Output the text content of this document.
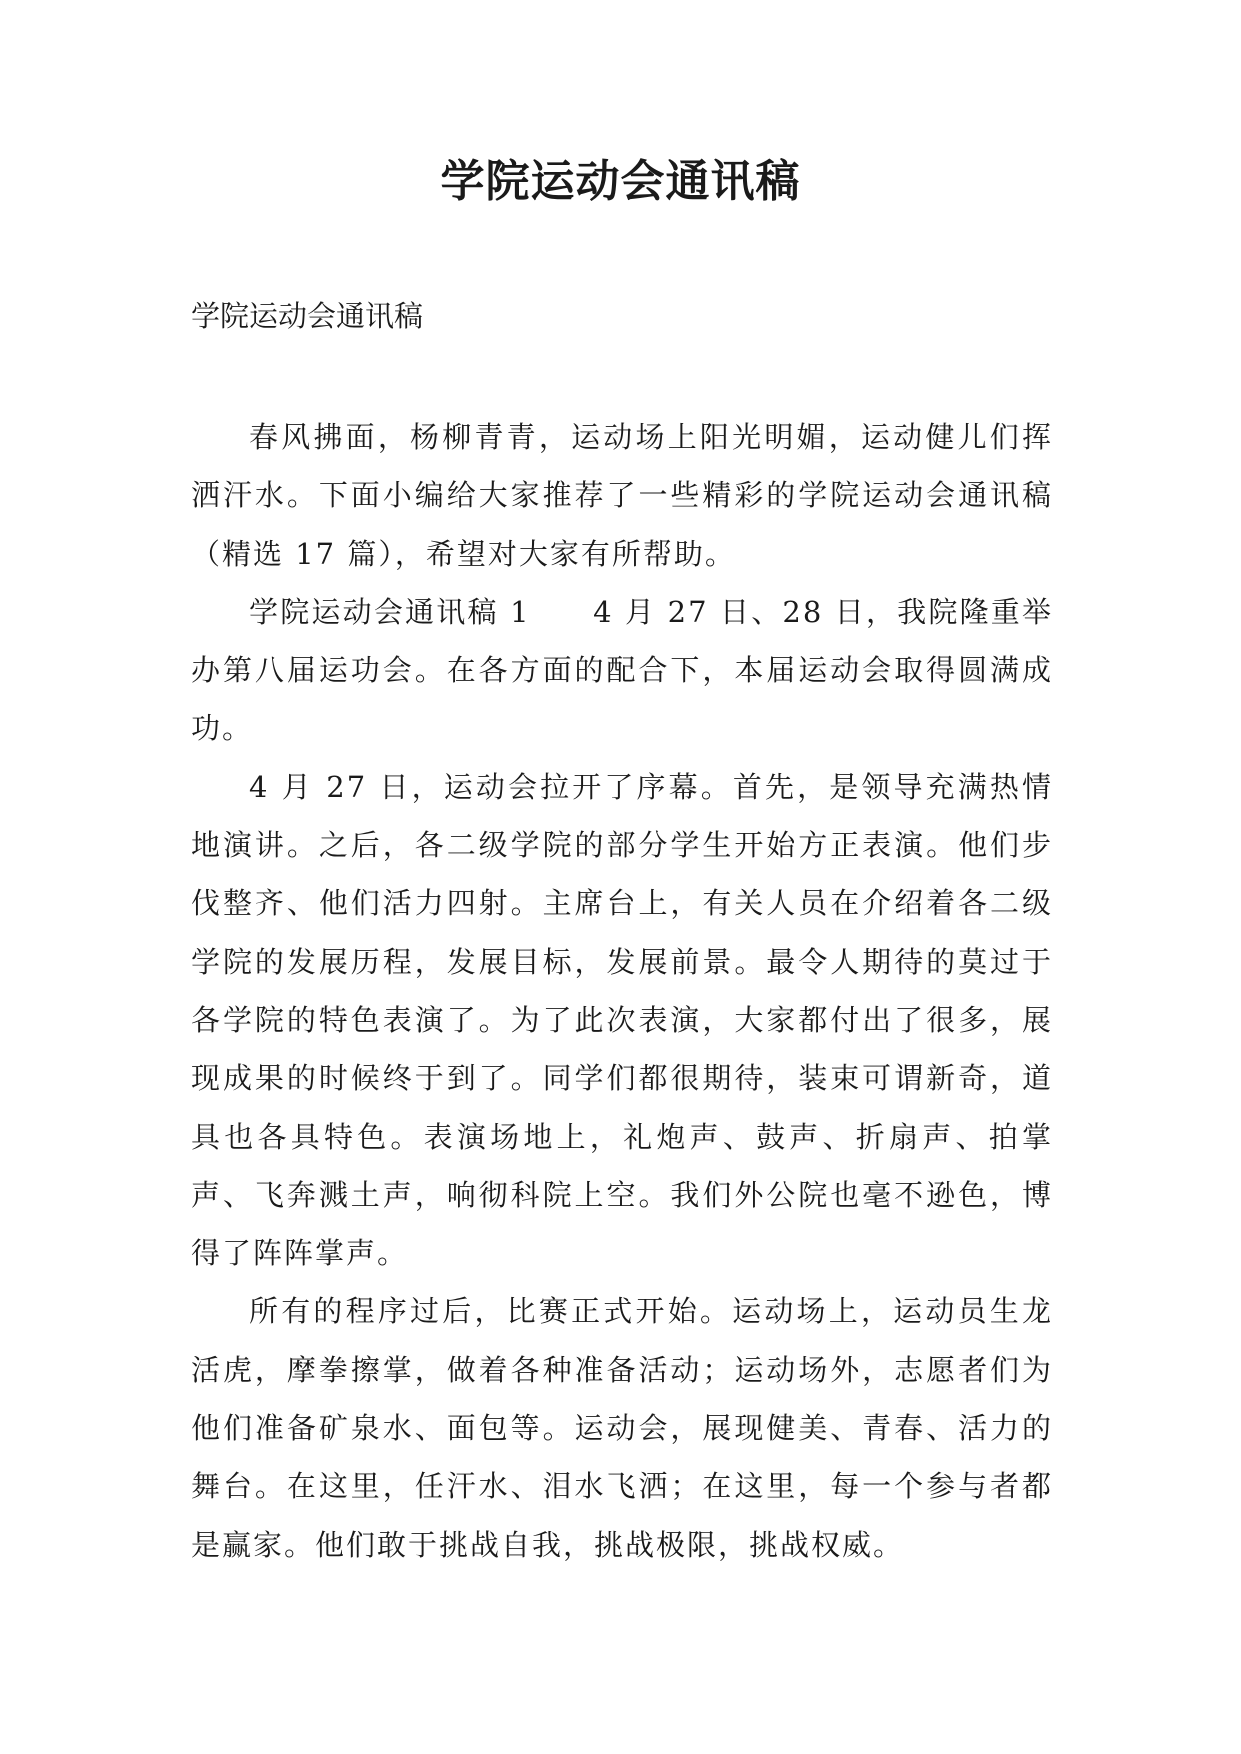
学院运动会通讯稿

学院运动会通讯稿

春风拂面，杨柳青青，运动场上阳光明媚，运动健儿们挥洒汗水。下面小编给大家推荐了一些精彩的学院运动会通讯稿（精选 17 篇），希望对大家有所帮助。

学院运动会通讯稿 1　　4 月 27 日、28 日，我院隆重举办第八届运功会。在各方面的配合下，本届运动会取得圆满成功。

4 月 27 日，运动会拉开了序幕。首先，是领导充满热情地演讲。之后，各二级学院的部分学生开始方正表演。他们步伐整齐、他们活力四射。主席台上，有关人员在介绍着各二级学院的发展历程，发展目标，发展前景。最令人期待的莫过于各学院的特色表演了。为了此次表演，大家都付出了很多，展现成果的时候终于到了。同学们都很期待，装束可谓新奇，道具也各具特色。表演场地上，礼炮声、鼓声、折扇声、拍掌声、飞奔溅土声，响彻科院上空。我们外公院也毫不逊色，博得了阵阵掌声。

所有的程序过后，比赛正式开始。运动场上，运动员生龙活虎，摩拳擦掌，做着各种准备活动；运动场外，志愿者们为他们准备矿泉水、面包等。运动会，展现健美、青春、活力的舞台。在这里，任汗水、泪水飞洒；在这里，每一个参与者都是赢家。他们敢于挑战自我，挑战极限，挑战权威。
